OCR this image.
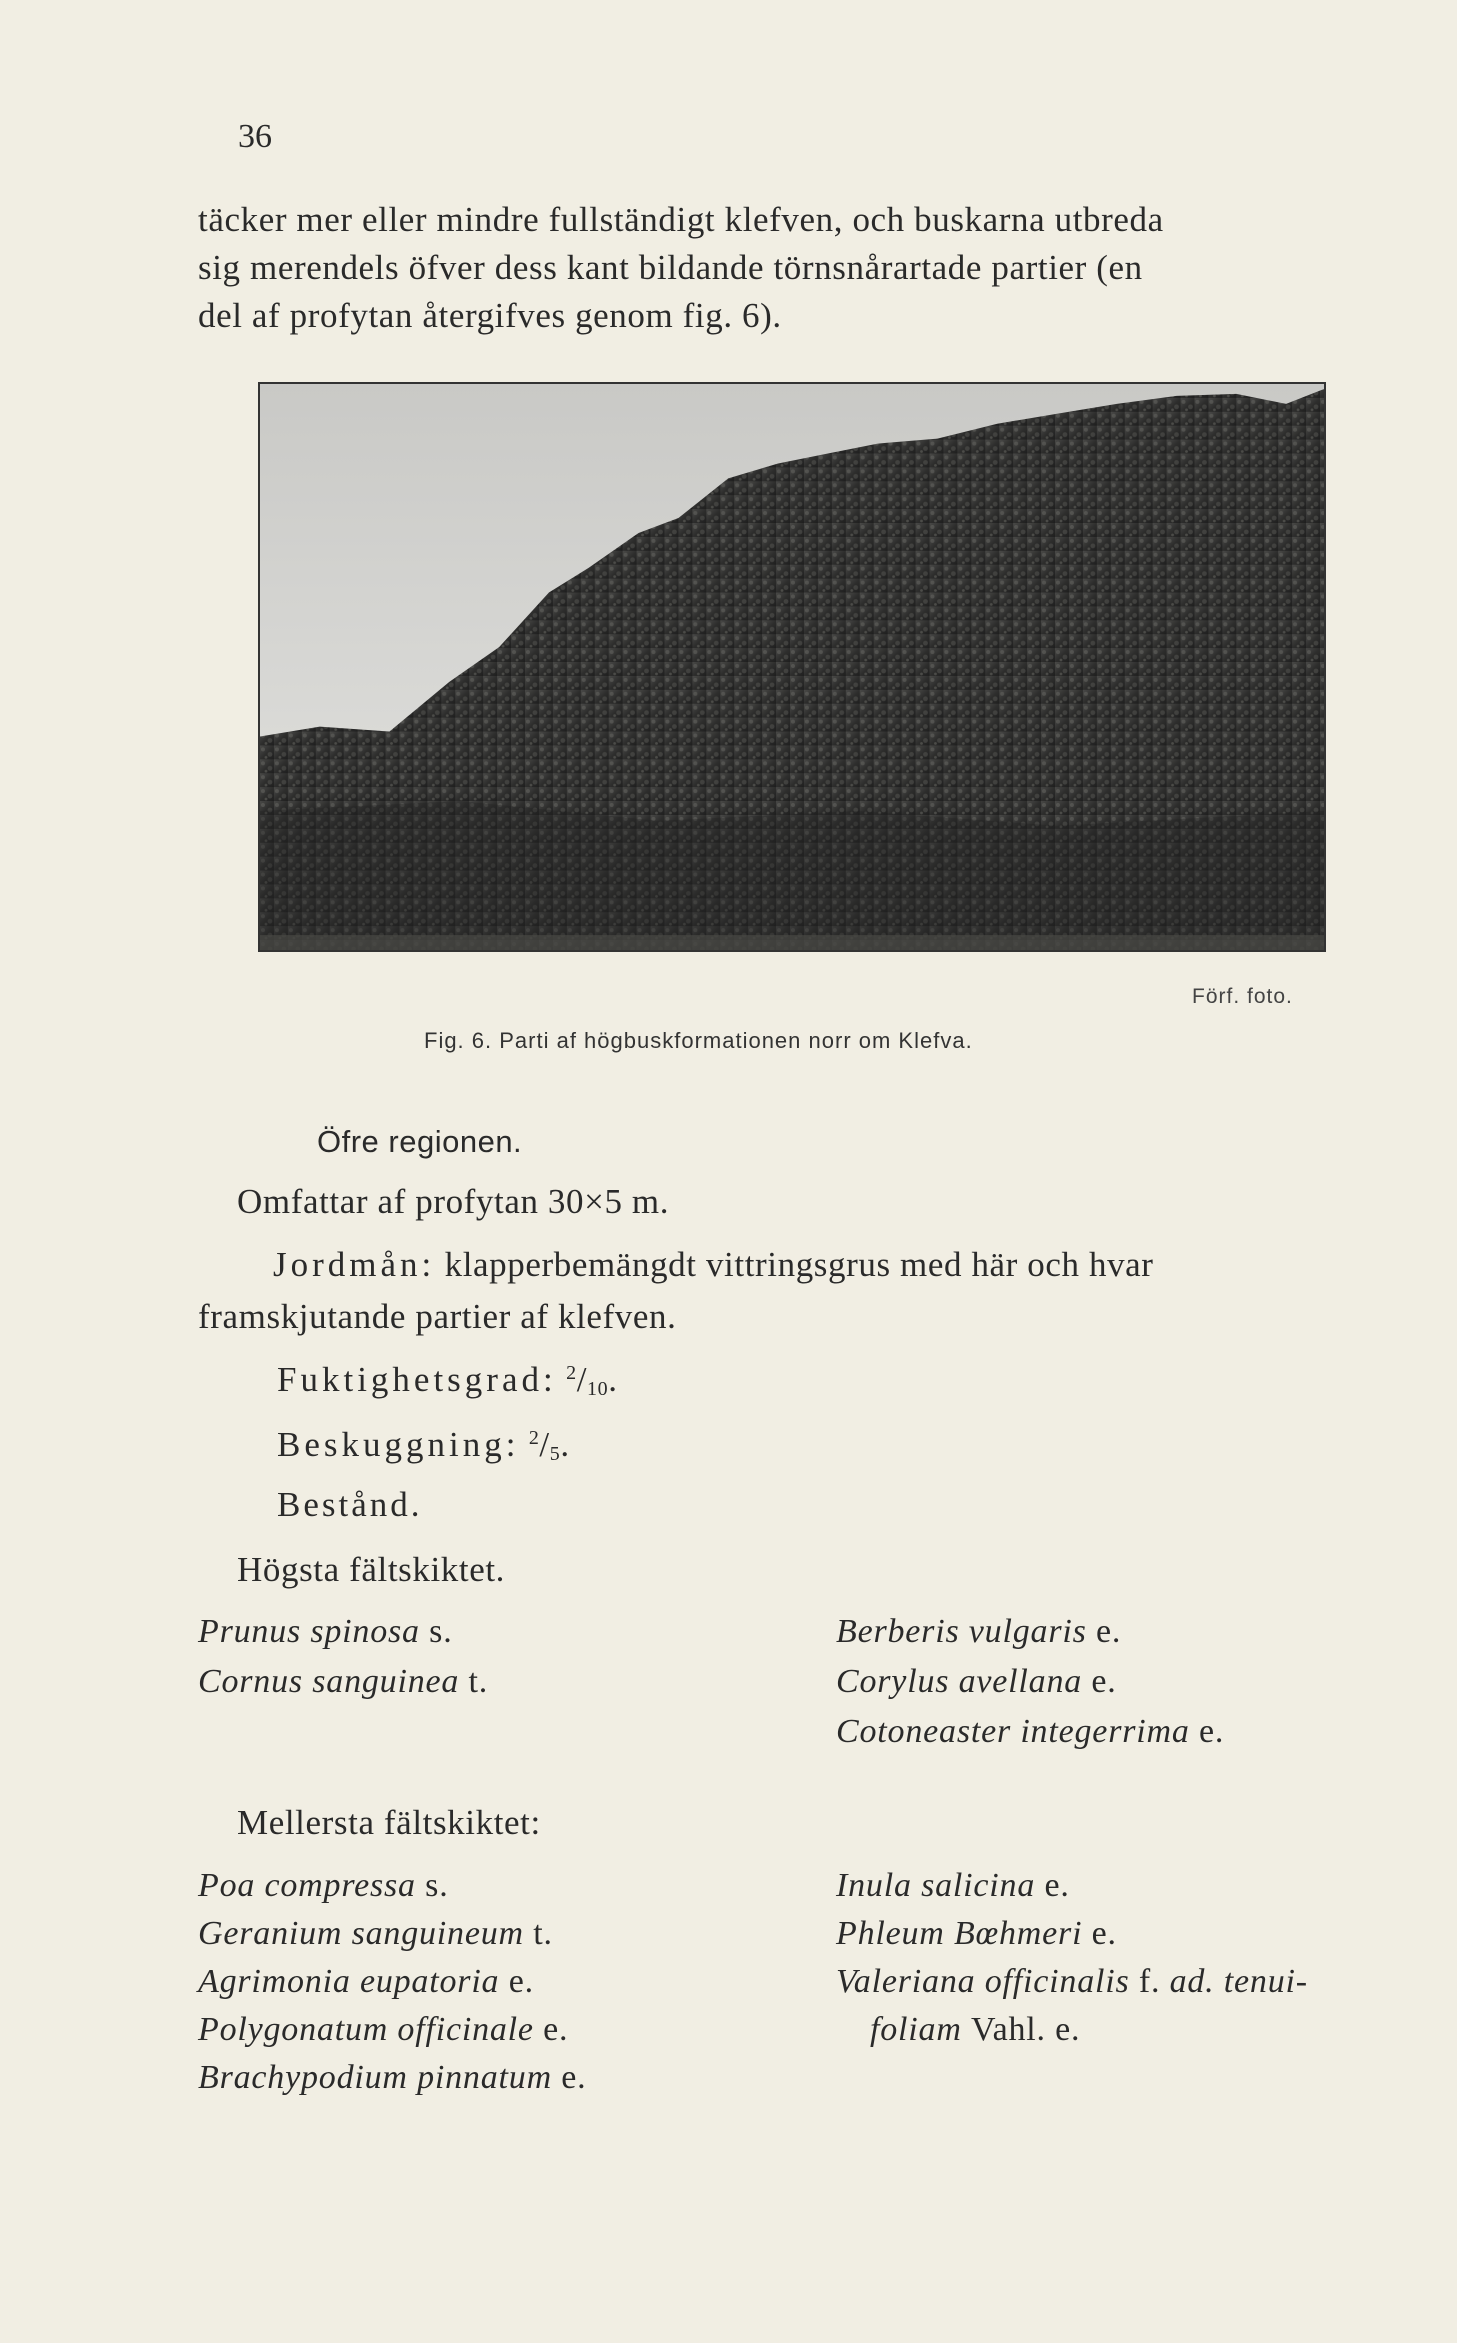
36
täcker mer eller mindre fullständigt klefven, och buskarna utbreda
sig merendels öfver dess kant bildande törnsnårartade partier (en
del af profytan återgifves genom fig. 6).
Förf. foto.
Fig. 6. Parti af högbuskformationen norr om Klefva.
Öfre regionen.
Omfattar af profytan 30×5 m.
Jordmån: klapperbemängdt vittringsgrus med här och hvar
framskjutande partier af klefven.
Fuktighetsgrad: $^2/_{10}$.
Beskuggning: $^2/_5$.
Bestånd.
Högsta fältskiktet.
Prunus spinosa s.
Cornus sanguinea t.
Berberis vulgaris e.
Corylus avellana e.
Cotoneaster integerrima e.
Mellersta fältskiktet:
Poa compressa s.
Geranium sanguineum t.
Agrimonia eupatoria e.
Polygonatum officinale e.
Brachypodium pinnatum e.
Inula salicina e.
Phleum Bœhmeri e.
Valeriana officinalis f. ad. tenui-
foliam Vahl. e.
